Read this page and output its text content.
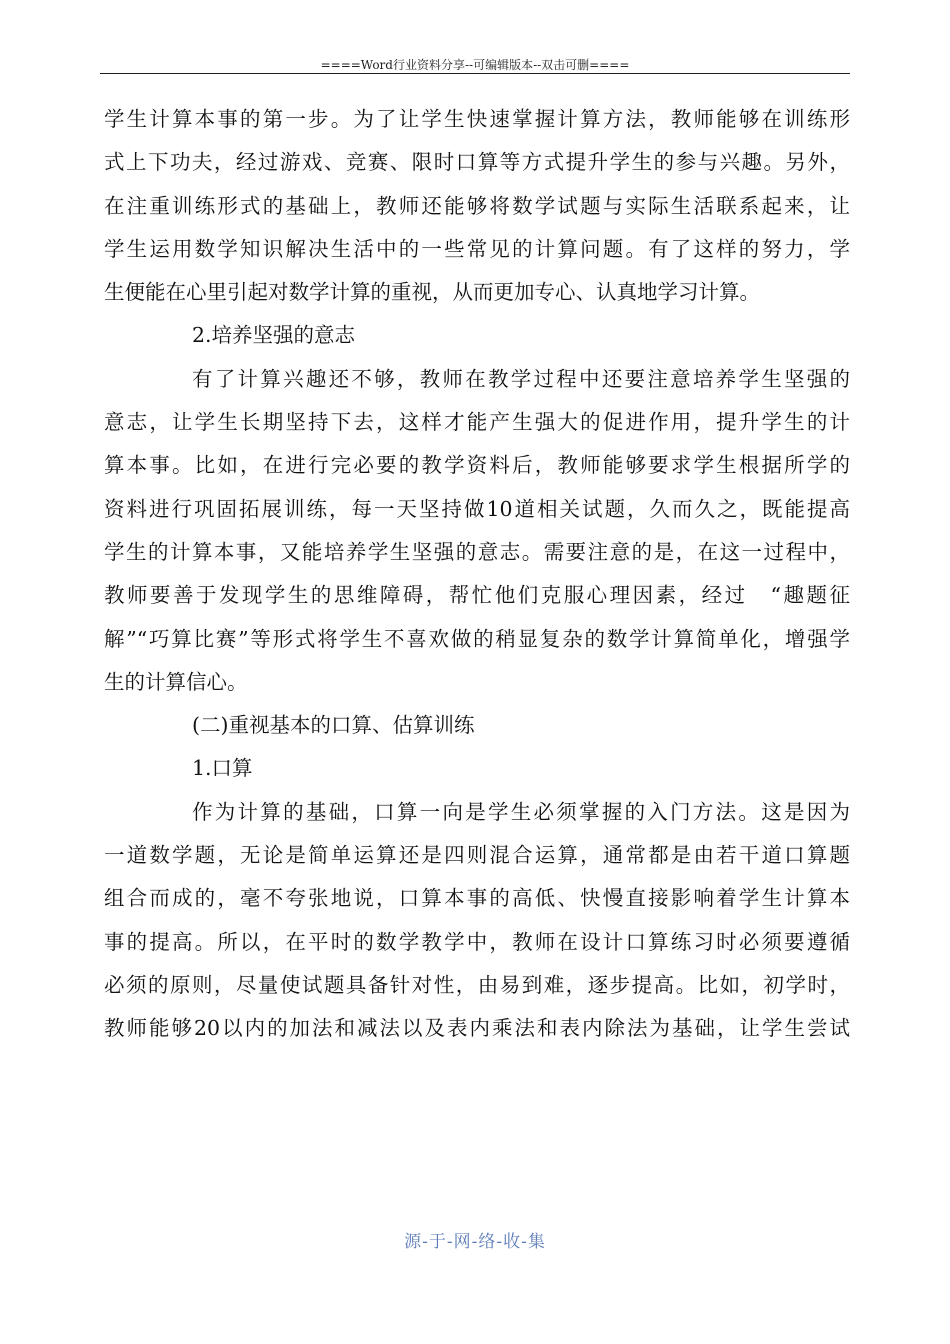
====Word行业资料分享--可编辑版本--双击可删====
学生计算本事的第一步。为了让学生快速掌握计算方法，教师能够在训练形
式上下功夫，经过游戏、竞赛、限时口算等方式提升学生的参与兴趣。另外，
在注重训练形式的基础上，教师还能够将数学试题与实际生活联系起来，让
学生运用数学知识解决生活中的一些常见的计算问题。有了这样的努力，学
生便能在心里引起对数学计算的重视，从而更加专心、认真地学习计算。
2.培养坚强的意志
有了计算兴趣还不够，教师在教学过程中还要注意培养学生坚强的
意志，让学生长期坚持下去，这样才能产生强大的促进作用，提升学生的计
算本事。比如，在进行完必要的教学资料后，教师能够要求学生根据所学的
资料进行巩固拓展训练，每一天坚持做10道相关试题，久而久之，既能提高
学生的计算本事，又能培养学生坚强的意志。需要注意的是，在这一过程中，
教师要善于发现学生的思维障碍，帮忙他们克服心理因素，经过　“趣题征
解”“巧算比赛”等形式将学生不喜欢做的稍显复杂的数学计算简单化，增强学
生的计算信心。
(二)重视基本的口算、估算训练
1.口算
作为计算的基础，口算一向是学生必须掌握的入门方法。这是因为
一道数学题，无论是简单运算还是四则混合运算，通常都是由若干道口算题
组合而成的，毫不夸张地说，口算本事的高低、快慢直接影响着学生计算本
事的提高。所以，在平时的数学教学中，教师在设计口算练习时必须要遵循
必须的原则，尽量使试题具备针对性，由易到难，逐步提高。比如，初学时，
教师能够20以内的加法和减法以及表内乘法和表内除法为基础，让学生尝试
源-于-网-络-收-集
